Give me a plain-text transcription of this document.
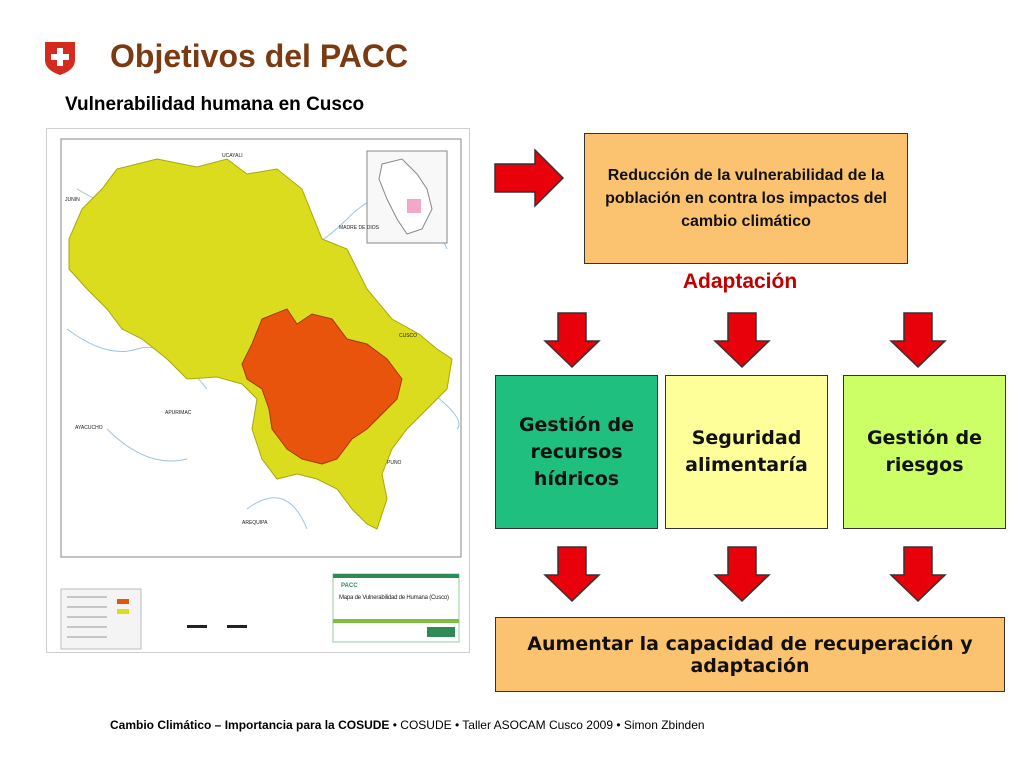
Objetivos del PACC
Vulnerabilidad humana en Cusco
UCAYALI
JUNIN
MADRE DE DIOS
CUSCO
APURIMAC
AYACUCHO
PUNO
AREQUIPA
PACC
Mapa de Vulnerabilidad de Humana (Cusco)
Reducción de la vulnerabilidad de la población en contra los impactos del cambio climático
Adaptación
Gestión de recursos hídricos
Seguridad alimentaría
Gestión de riesgos
Aumentar la capacidad de recuperación y adaptación
Cambio Climático – Importancia para la COSUDE • COSUDE • Taller ASOCAM Cusco 2009 • Simon Zbinden
